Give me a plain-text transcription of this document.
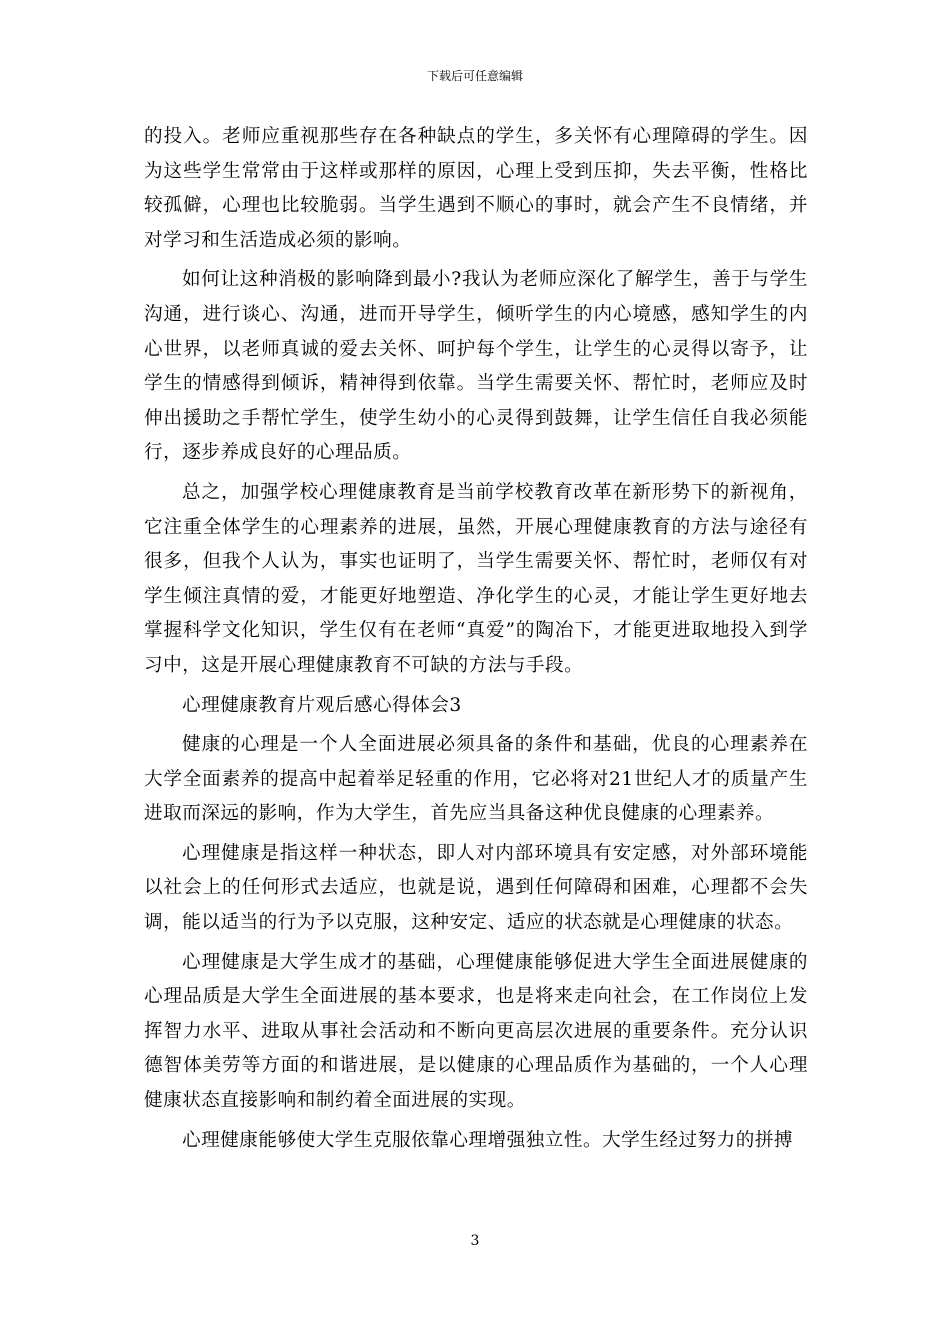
下载后可任意编辑

的投入。老师应重视那些存在各种缺点的学生，多关怀有心理障碍的学生。因为这些学生常常由于这样或那样的原因，心理上受到压抑，失去平衡，性格比较孤僻，心理也比较脆弱。当学生遇到不顺心的事时，就会产生不良情绪，并对学习和生活造成必须的影响。

如何让这种消极的影响降到最小?我认为老师应深化了解学生，善于与学生沟通，进行谈心、沟通，进而开导学生，倾听学生的内心境感，感知学生的内心世界，以老师真诚的爱去关怀、呵护每个学生，让学生的心灵得以寄予，让学生的情感得到倾诉，精神得到依靠。当学生需要关怀、帮忙时，老师应及时伸出援助之手帮忙学生，使学生幼小的心灵得到鼓舞，让学生信任自我必须能行，逐步养成良好的心理品质。

总之，加强学校心理健康教育是当前学校教育改革在新形势下的新视角，它注重全体学生的心理素养的进展，虽然，开展心理健康教育的方法与途径有很多，但我个人认为，事实也证明了，当学生需要关怀、帮忙时，老师仅有对学生倾注真情的爱，才能更好地塑造、净化学生的心灵，才能让学生更好地去掌握科学文化知识，学生仅有在老师“真爱”的陶冶下，才能更进取地投入到学习中，这是开展心理健康教育不可缺的方法与手段。

心理健康教育片观后感心得体会3

健康的心理是一个人全面进展必须具备的条件和基础，优良的心理素养在大学全面素养的提高中起着举足轻重的作用，它必将对21世纪人才的质量产生进取而深远的影响，作为大学生，首先应当具备这种优良健康的心理素养。

心理健康是指这样一种状态，即人对内部环境具有安定感，对外部环境能以社会上的任何形式去适应，也就是说，遇到任何障碍和困难，心理都不会失调，能以适当的行为予以克服，这种安定、适应的状态就是心理健康的状态。

心理健康是大学生成才的基础，心理健康能够促进大学生全面进展健康的心理品质是大学生全面进展的基本要求，也是将来走向社会，在工作岗位上发挥智力水平、进取从事社会活动和不断向更高层次进展的重要条件。充分认识德智体美劳等方面的和谐进展，是以健康的心理品质作为基础的，一个人心理健康状态直接影响和制约着全面进展的实现。

心理健康能够使大学生克服依靠心理增强独立性。大学生经过努力的拼搏

3
